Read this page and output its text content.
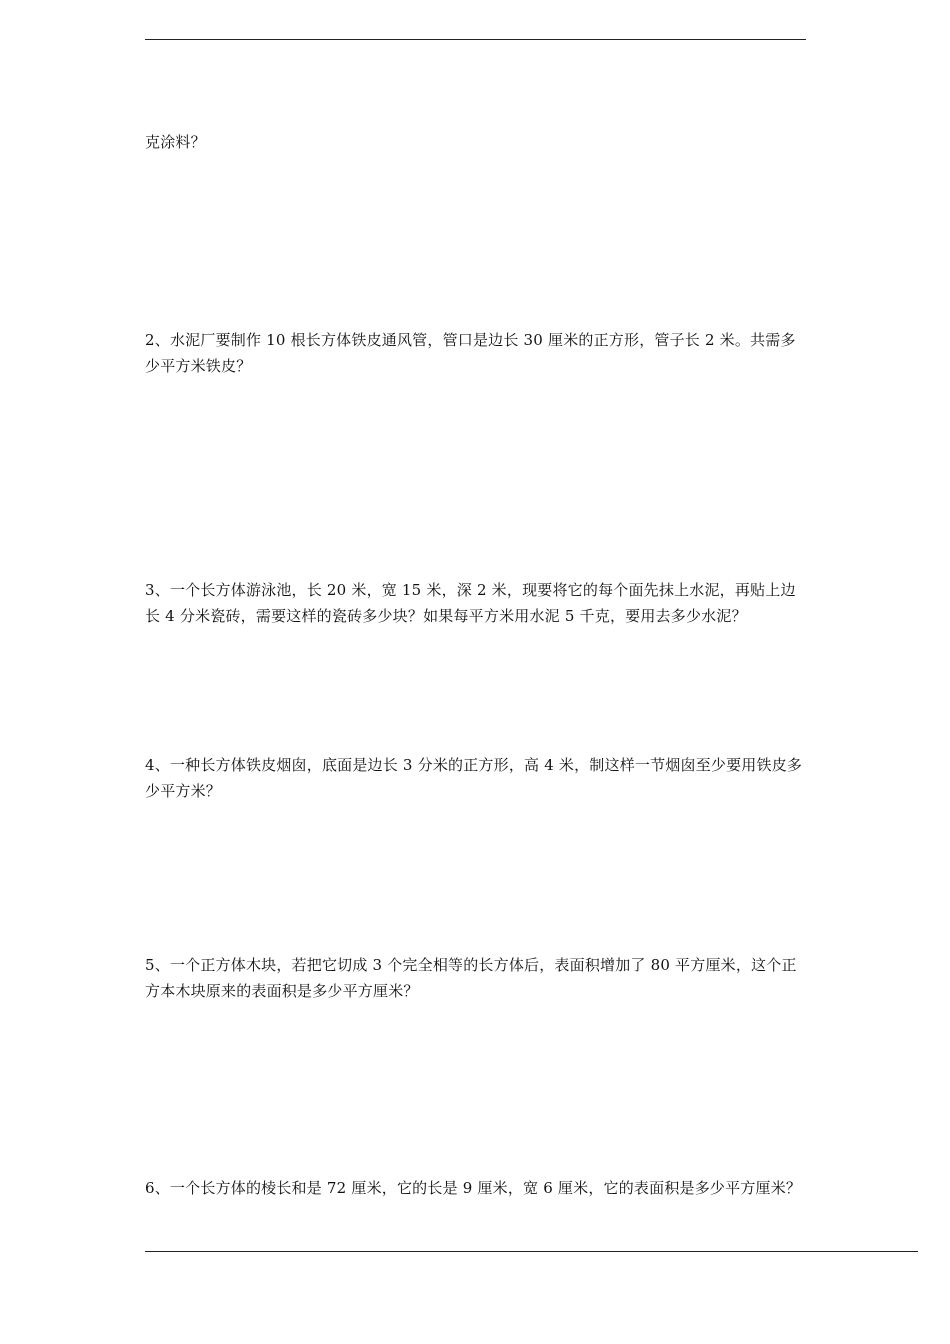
克涂料？

2、水泥厂要制作 10 根长方体铁皮通风管，管口是边长 30 厘米的正方形，管子长 2 米。共需多少平方米铁皮？

3、一个长方体游泳池，长 20 米，宽 15 米，深 2 米，现要将它的每个面先抹上水泥，再贴上边长 4 分米瓷砖，需要这样的瓷砖多少块？如果每平方米用水泥 5 千克，要用去多少水泥？

4、一种长方体铁皮烟囱，底面是边长 3 分米的正方形，高 4 米，制这样一节烟囱至少要用铁皮多少平方米？

5、一个正方体木块，若把它切成 3 个完全相等的长方体后，表面积增加了 80 平方厘米，这个正方本木块原来的表面积是多少平方厘米？

6、一个长方体的棱长和是 72 厘米，它的长是 9 厘米，宽 6 厘米，它的表面积是多少平方厘米？
